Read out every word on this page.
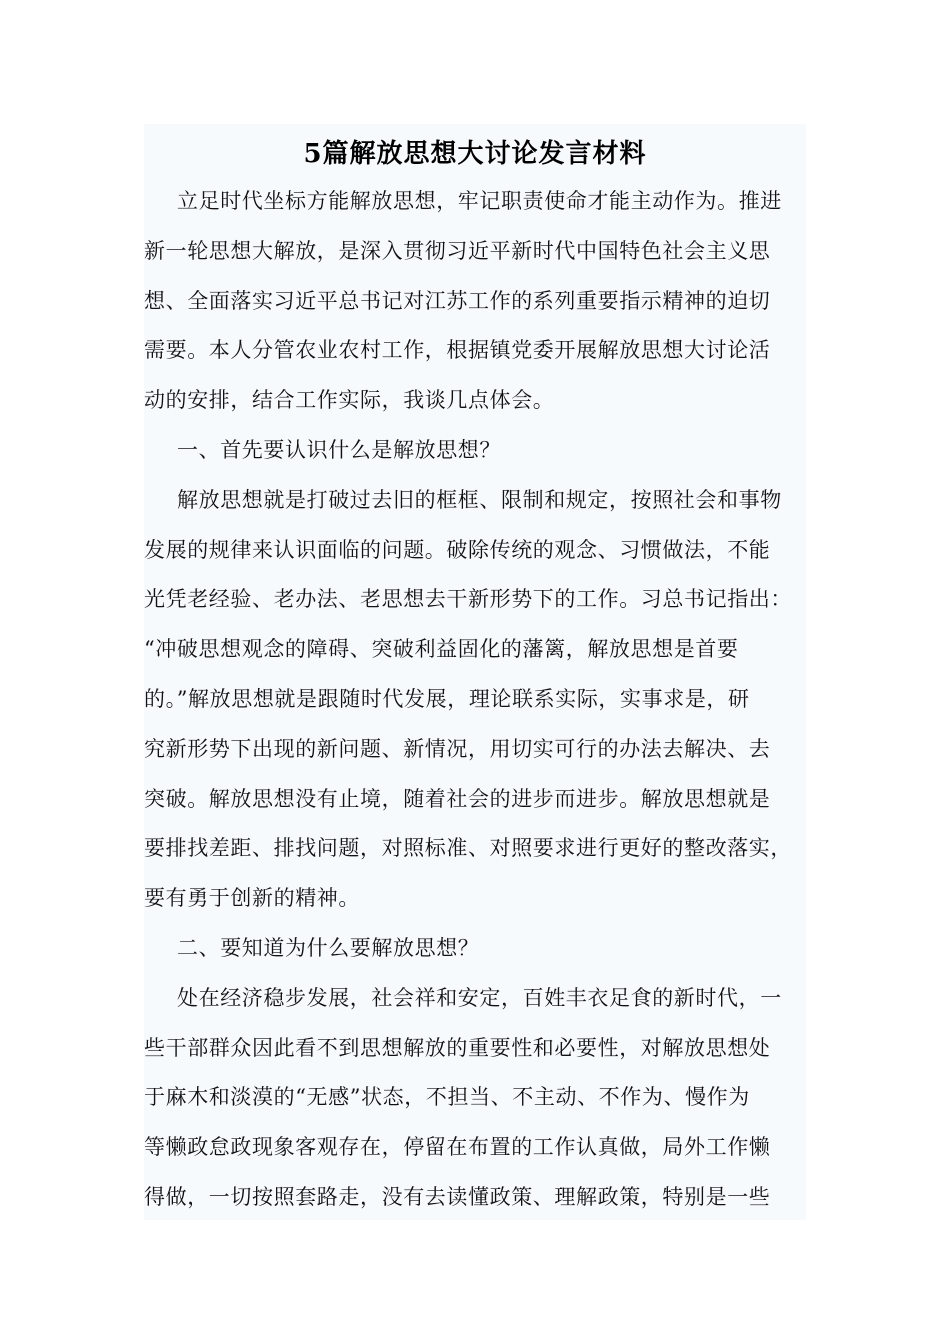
5篇解放思想大讨论发言材料
立足时代坐标方能解放思想，牢记职责使命才能主动作为。推进
新一轮思想大解放，是深入贯彻习近平新时代中国特色社会主义思
想、全面落实习近平总书记对江苏工作的系列重要指示精神的迫切
需要。本人分管农业农村工作，根据镇党委开展解放思想大讨论活
动的安排，结合工作实际，我谈几点体会。
一、首先要认识什么是解放思想？
解放思想就是打破过去旧的框框、限制和规定，按照社会和事物
发展的规律来认识面临的问题。破除传统的观念、习惯做法，不能
光凭老经验、老办法、老思想去干新形势下的工作。习总书记指出：
“冲破思想观念的障碍、突破利益固化的藩篱，解放思想是首要
的。”解放思想就是跟随时代发展，理论联系实际，实事求是，研
究新形势下出现的新问题、新情况，用切实可行的办法去解决、去
突破。解放思想没有止境，随着社会的进步而进步。解放思想就是
要排找差距、排找问题，对照标准、对照要求进行更好的整改落实，
要有勇于创新的精神。
二、要知道为什么要解放思想？
处在经济稳步发展，社会祥和安定，百姓丰衣足食的新时代，一
些干部群众因此看不到思想解放的重要性和必要性，对解放思想处
于麻木和淡漠的“无感”状态，不担当、不主动、不作为、慢作为
等懒政怠政现象客观存在，停留在布置的工作认真做，局外工作懒
得做，一切按照套路走，没有去读懂政策、理解政策，特别是一些
